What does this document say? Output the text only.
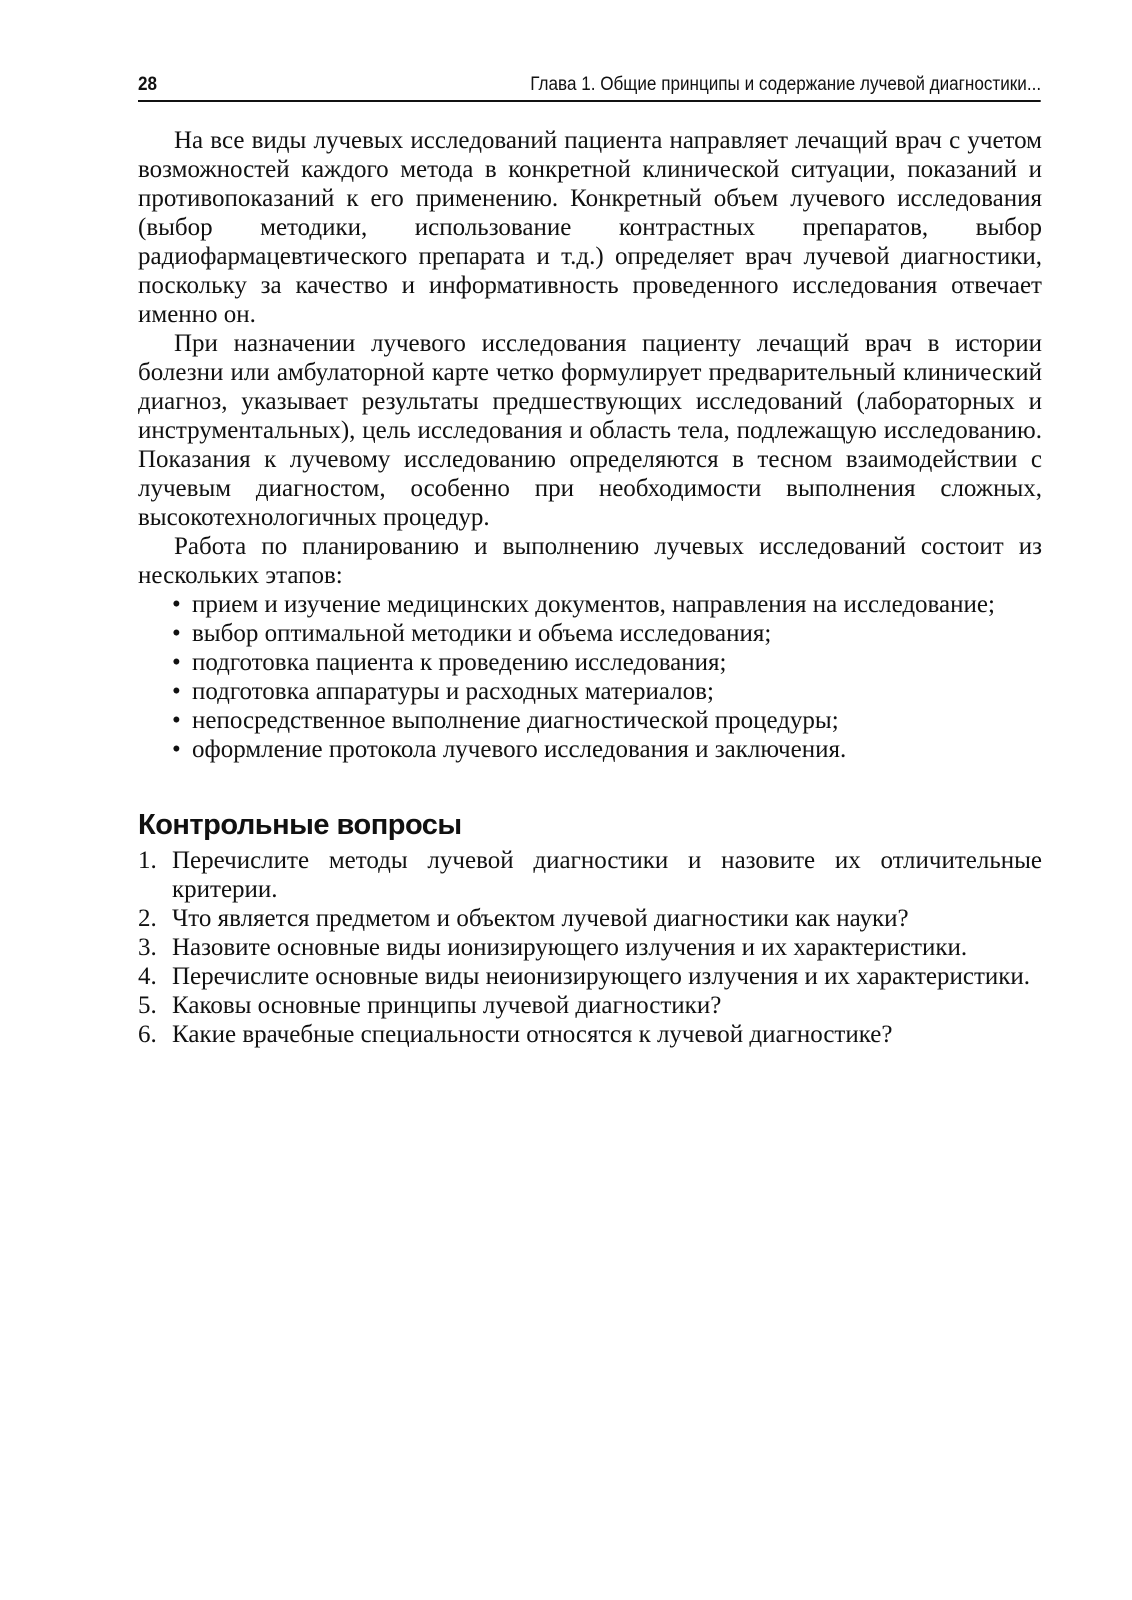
28	Глава 1. Общие принципы и содержание лучевой диагностики...

На все виды лучевых исследований пациента направляет лечащий врач с учетом возможностей каждого метода в конкретной клинической ситуации, показаний и противопоказаний к его применению. Конкретный объем лучевого исследования (выбор методики, использование контрастных препаратов, выбор радиофармацевтического препарата и т.д.) определяет врач лучевой диагностики, поскольку за качество и информативность проведенного исследования отвечает именно он.

При назначении лучевого исследования пациенту лечащий врач в истории болезни или амбулаторной карте четко формулирует предварительный клинический диагноз, указывает результаты предшествующих исследований (лабораторных и инструментальных), цель исследования и область тела, подлежащую исследованию. Показания к лучевому исследованию определяются в тесном взаимодействии с лучевым диагностом, особенно при необходимости выполнения сложных, высокотехнологичных процедур.

Работа по планированию и выполнению лучевых исследований состоит из нескольких этапов:

• прием и изучение медицинских документов, направления на исследование;
• выбор оптимальной методики и объема исследования;
• подготовка пациента к проведению исследования;
• подготовка аппаратуры и расходных материалов;
• непосредственное выполнение диагностической процедуры;
• оформление протокола лучевого исследования и заключения.
Контрольные вопросы
1. Перечислите методы лучевой диагностики и назовите их отличительные критерии.
2. Что является предметом и объектом лучевой диагностики как науки?
3. Назовите основные виды ионизирующего излучения и их характеристики.
4. Перечислите основные виды неионизирующего излучения и их характеристики.
5. Каковы основные принципы лучевой диагностики?
6. Какие врачебные специальности относятся к лучевой диагностике?
